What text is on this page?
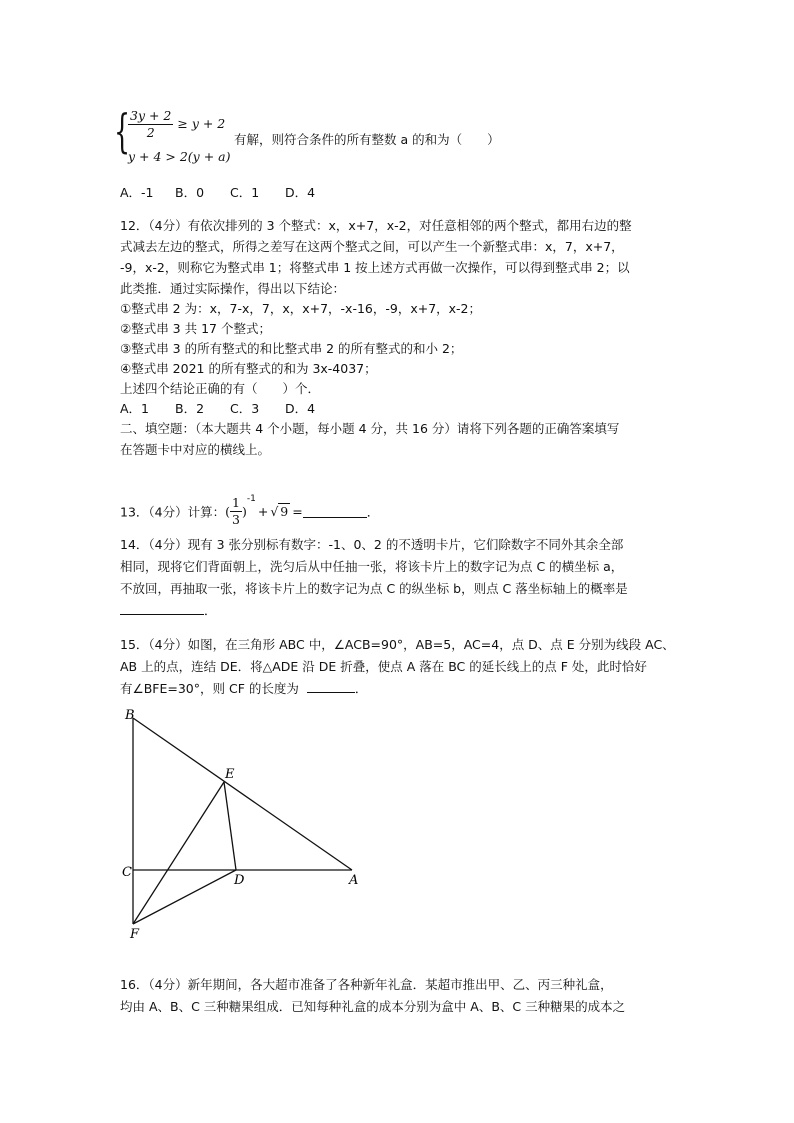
{
$\frac{3y + 2}{2} \ge y + 2$
y + 4 > 2(y + a)
有解，则符合条件的所有整数 a 的和为（　　）
A．-1 B．0 C．1 D．4
12．（4分）有依次排列的 3 个整式：x，x+7，x-2，对任意相邻的两个整式，都用右边的整
式减去左边的整式，所得之差写在这两个整式之间，可以产生一个新整式串：x，7，x+7，
-9，x-2，则称它为整式串 1；将整式串 1 按上述方式再做一次操作，可以得到整式串 2；以
此类推．通过实际操作，得出以下结论：
①整式串 2 为：x，7-x，7，x，x+7，-x-16，-9，x+7，x-2；
②整式串 3 共 17 个整式；
③整式串 3 的所有整式的和比整式串 2 的所有整式的和小 2；
④整式串 2021 的所有整式的和为 3x-4037；
上述四个结论正确的有（　　）个．
A．1 B．2 C．3 D．4
二、填空题：（本大题共 4 个小题，每小题 4 分，共 16 分）请将下列各题的正确答案填写
在答题卡中对应的横线上。
13．（4分）计算：( $\frac{1}{3} )^{-1}+$ √ 9 =	．
14．（4分）现有 3 张分别标有数字：-1、0、2 的不透明卡片，它们除数字不同外其余全部
相同，现将它们背面朝上，洗匀后从中任抽一张，将该卡片上的数字记为点 C 的横坐标 a，
不放回，再抽取一张，将该卡片上的数字记为点 C 的纵坐标 b，则点 C 落坐标轴上的概率是
．
15．（4分）如图，在三角形 ABC 中，∠ACB=90°，AB=5，AC=4，点 D、点 E 分别为线段 AC、
AB 上的点，连结 DE．将△ADE 沿 DE 折叠，使点 A 落在 BC 的延长线上的点 F 处，此时恰好
有∠BFE=30°，则 CF 的长度为	．
B
E
C
D	A
F
16．（4分）新年期间，各大超市准备了各种新年礼盒．某超市推出甲、乙、丙三种礼盒，
均由 A、B、C 三种糖果组成．已知每种礼盒的成本分别为盒中 A、B、C 三种糖果的成本之
